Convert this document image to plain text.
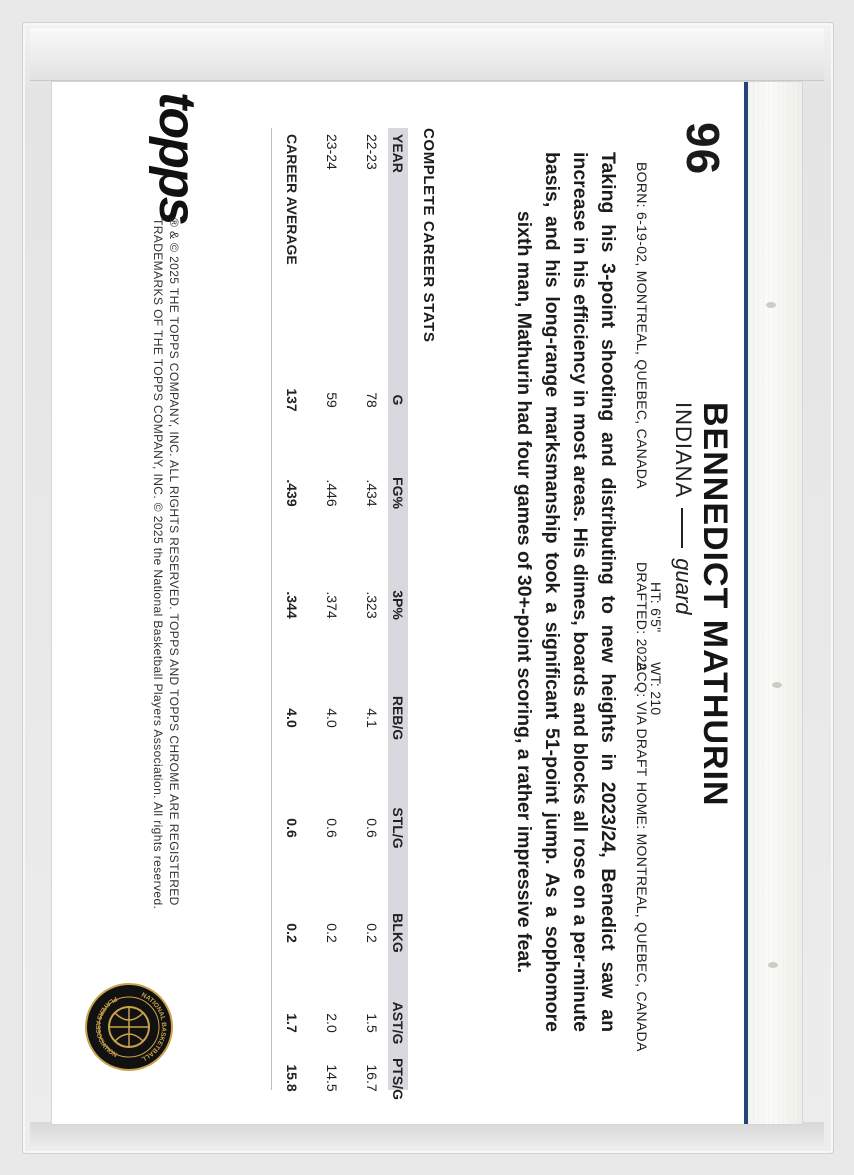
96
BENNEDICT MATHURIN
INDIANAguard
HT: 6'5"
WT: 210
DRAFTED: 2022
ACQ: VIA DRAFT
HOME: MONTREAL, QUEBEC, CANADA
BORN: 6-19-02, MONTREAL, QUEBEC, CANADA
Taking his 3-point shooting and distributing to new heights in 2023/24, Benedict saw an increase in his efficiency in most areas. His dimes, boards and blocks all rose on a per-minute basis, and his long-range marksmanship took a significant 51-point jump. As a sophomore sixth man, Mathurin had four games of 30+-point scoring, a rather impressive feat.
COMPLETE CAREER STATS
YEAR
G
FG%
3P%
REB/G
STL/G
BLKG
AST/G
PTS/G
22-23
78
.434
.323
4.1
0.6
0.2
1.5
16.7
23-24
59
.446
.374
4.0
0.6
0.2
2.0
14.5
CAREER AVERAGE
137
.439
.344
4.0
0.6
0.2
1.7
15.8
topps
® & © 2025 THE TOPPS COMPANY, INC. ALL RIGHTS RESERVED. TOPPS AND TOPPS CHROME ARE REGISTERED
TRADEMARKS OF THE TOPPS COMPANY, INC. © 2025 the National Basketball Players Association. All rights reserved.
NATIONAL BASKETBALL
PLAYERS ASSOCIATION
